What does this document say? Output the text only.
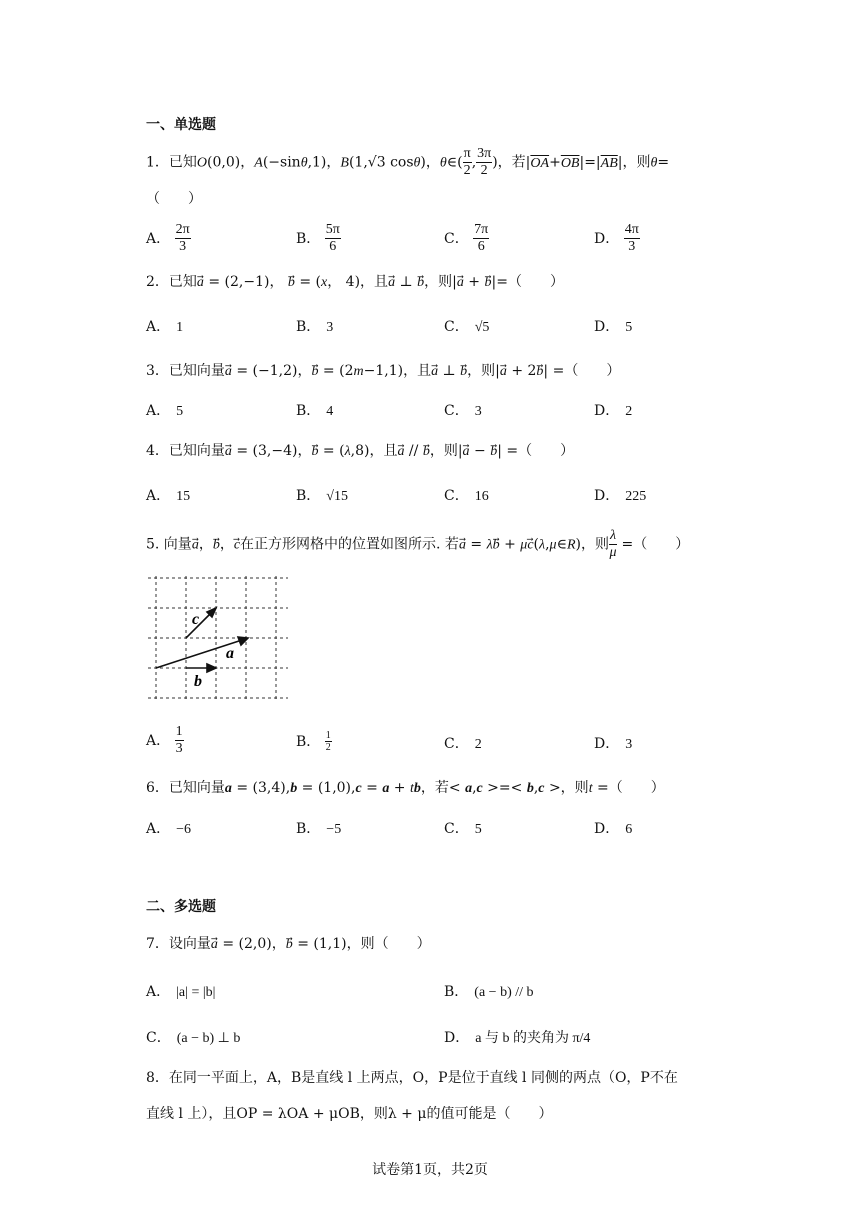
一、单选题
1．已知O(0,0)，A(−sinθ,1)，B(1,√3 cosθ)，θ∈( $\frac{\pi}{2}$ , $\frac{3\pi}{2}$ )，若$|\overline{OA}+\overline{OB}|=|\overline{AB}|$，则θ=
（　　）
A． $\frac{2\pi}{3}$	B． $\frac{5\pi}{6}$	C． $\frac{7\pi}{6}$	D． $\frac{4\pi}{3}$
2．已知a⃗ = (2,−1)， b⃗ = (x， 4)，且a⃗ ⊥ b⃗，则|a⃗ + b⃗|=（　　）
A． 1	B． 3	C． √5	D． 5
3．已知向量a⃗ = (−1,2)，b⃗ = (2m−1,1)，且a⃗ ⊥ b⃗，则|a⃗ + 2b⃗| =（　　）
A． 5	B． 4	C． 3	D． 2
4．已知向量a⃗ = (3,−4)，b⃗ = (λ,8)，且a⃗ // b⃗，则|a⃗ − b⃗| =（　　）
A． 15	B． √15	C． 16	D． 225
5. 向量a⃗，b⃗，c⃗在正方形网格中的位置如图所示. 若a⃗ = λb⃗ + μc⃗(λ,μ∈R)，则 $\frac{\lambda}{\mu}$ =（　　）
c
a
b
A． $\frac{1}{3}$	B． $\frac{1}{2}$	C． 2	D． 3
6．已知向量a = (3,4),b = (1,0),c = a + tb，若< a,c >=< b,c >，则t =（　　）
A． −6	B． −5	C． 5	D． 6
二、多选题
7．设向量a⃗ = (2,0)，b⃗ = (1,1)，则（　　）
A． |a| = |b|	B． (a − b) // b
C． (a − b) ⊥ b	D． a 与 b 的夹角为 π/4
8．在同一平面上，A，B是直线 l 上两点，O，P是位于直线 l 同侧的两点（O，P不在
直线 l 上），且OP = λOA + μOB，则λ + μ的值可能是（　　）
试卷第1页，共2页
